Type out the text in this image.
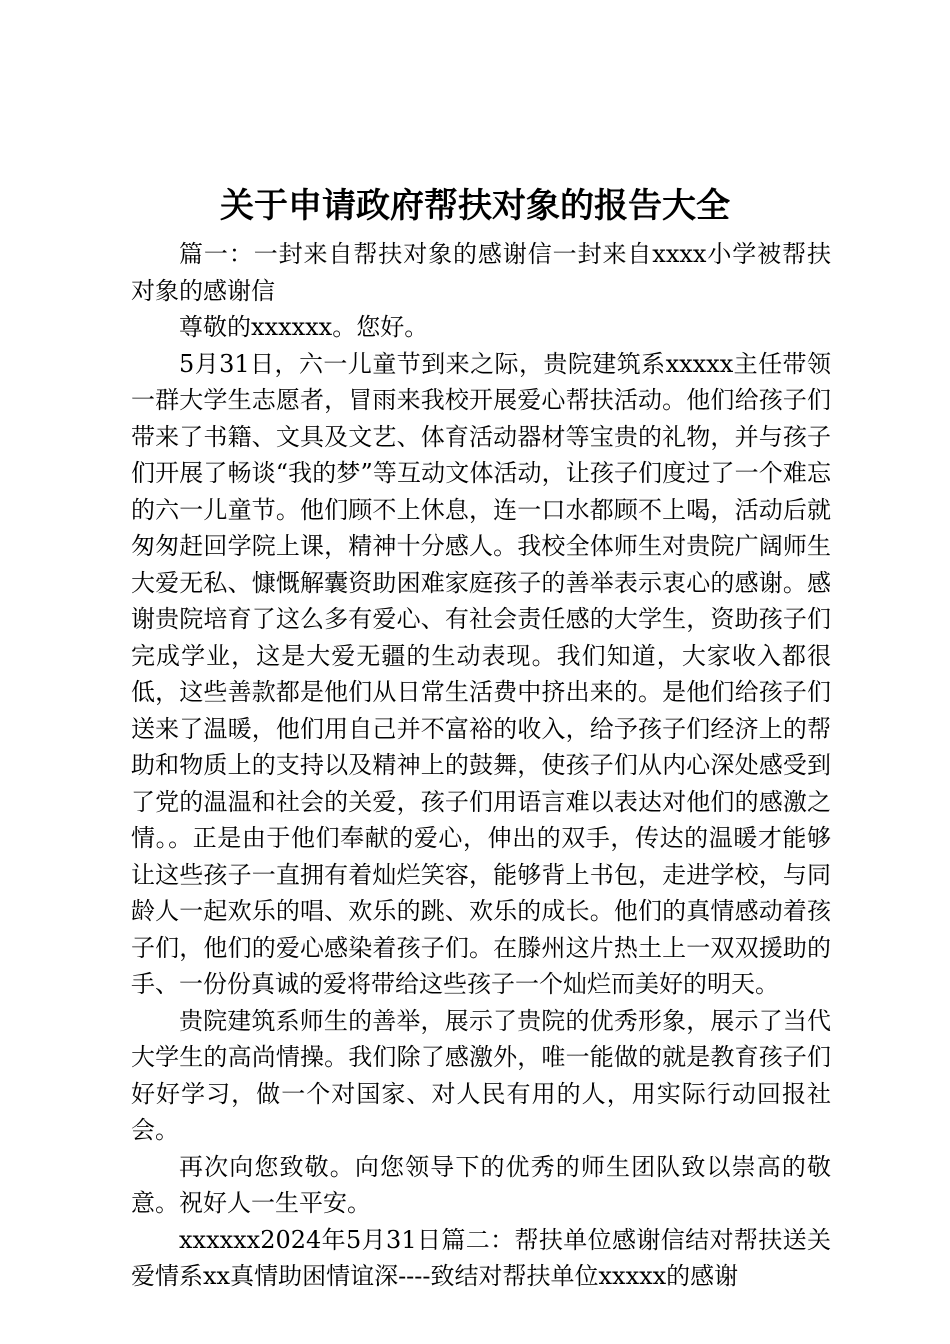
关于申请政府帮扶对象的报告大全

篇一：一封来自帮扶对象的感谢信一封来自xxxx小学被帮扶对象的感谢信

尊敬的xxxxxx。您好。

5月31日，六一儿童节到来之际，贵院建筑系xxxxx主任带领一群大学生志愿者，冒雨来我校开展爱心帮扶活动。他们给孩子们带来了书籍、文具及文艺、体育活动器材等宝贵的礼物，并与孩子们开展了畅谈“我的梦”等互动文体活动，让孩子们度过了一个难忘的六一儿童节。他们顾不上休息，连一口水都顾不上喝，活动后就匆匆赶回学院上课，精神十分感人。我校全体师生对贵院广阔师生大爱无私、慷慨解囊资助困难家庭孩子的善举表示衷心的感谢。感谢贵院培育了这么多有爱心、有社会责任感的大学生，资助孩子们完成学业，这是大爱无疆的生动表现。我们知道，大家收入都很低，这些善款都是他们从日常生活费中挤出来的。是他们给孩子们送来了温暖，他们用自己并不富裕的收入，给予孩子们经济上的帮助和物质上的支持以及精神上的鼓舞，使孩子们从内心深处感受到了党的温温和社会的关爱，孩子们用语言难以表达对他们的感激之情。。正是由于他们奉献的爱心，伸出的双手，传达的温暖才能够让这些孩子一直拥有着灿烂笑容，能够背上书包，走进学校，与同龄人一起欢乐的唱、欢乐的跳、欢乐的成长。他们的真情感动着孩子们，他们的爱心感染着孩子们。在滕州这片热土上一双双援助的手、一份份真诚的爱将带给这些孩子一个灿烂而美好的明天。

贵院建筑系师生的善举，展示了贵院的优秀形象，展示了当代大学生的高尚情操。我们除了感激外，唯一能做的就是教育孩子们好好学习，做一个对国家、对人民有用的人，用实际行动回报社会。

再次向您致敬。向您领导下的优秀的师生团队致以崇高的敬意。祝好人一生平安。

xxxxxx2024年5月31日篇二：帮扶单位感谢信结对帮扶送关爱情系xx真情助困情谊深----致结对帮扶单位xxxxx的感谢
